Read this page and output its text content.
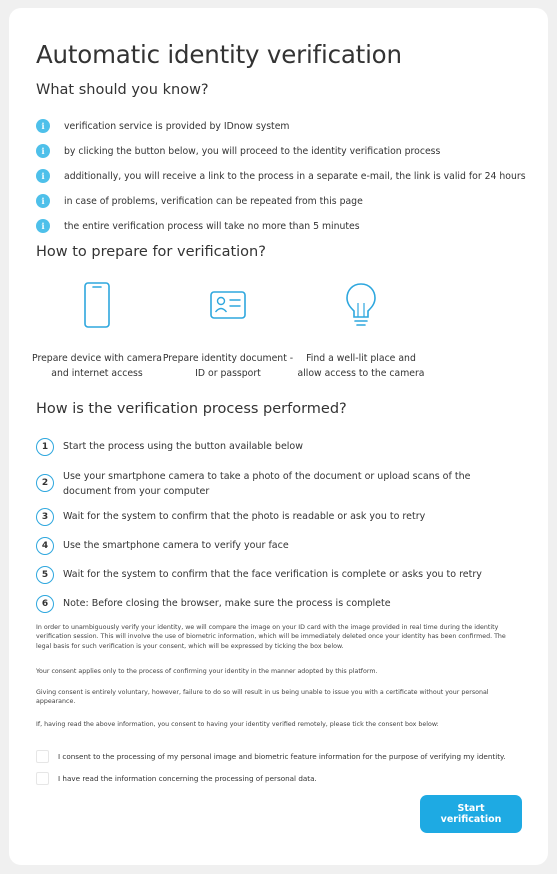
Automatic identity verification
What should you know?
i	verification service is provided by IDnow system
i	by clicking the button below, you will proceed to the identity verification process
i	additionally, you will receive a link to the process in a separate e-mail, the link is valid for 24 hours
i	in case of problems, verification can be repeated from this page
i	the entire verification process will take no more than 5 minutes
How to prepare for verification?
Prepare device with camera
and internet access
Prepare identity document -
ID or passport
Find a well-lit place and
allow access to the camera
How is the verification process performed?
1	Start the process using the button available below
2
Use your smartphone camera to take a photo of the document or upload scans of the document from your computer
3	Wait for the system to confirm that the photo is readable or ask you to retry
4	Use the smartphone camera to verify your face
5	Wait for the system to confirm that the face verification is complete or asks you to retry
6	Note: Before closing the browser, make sure the process is complete
In order to unambiguously verify your identity, we will compare the image on your ID card with the image provided in real time during the identity verification session. This will involve the use of biometric information, which will be immediately deleted once your identity has been confirmed. The legal basis for such verification is your consent, which will be expressed by ticking the box below.
Your consent applies only to the process of confirming your identity in the manner adopted by this platform.
Giving consent is entirely voluntary, however, failure to do so will result in us being unable to issue you with a certificate without your personal appearance.
If, having read the above information, you consent to having your identity verified remotely, please tick the consent box below:
I consent to the processing of my personal image and biometric feature information for the purpose of verifying my identity.
I have read the information concerning the processing of personal data.
Start verification
